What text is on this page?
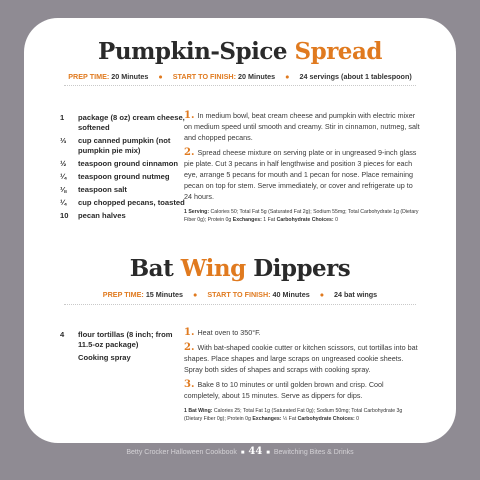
Pumpkin-Spice Spread
PREP TIME: 20 Minutes ● START TO FINISH: 20 Minutes ● 24 servings (about 1 tablespoon)
1	package (8 oz) cream cheese, softened
⅓	cup canned pumpkin (not pumpkin pie mix)
½	teaspoon ground cinnamon
¼	teaspoon ground nutmeg
⅛	teaspoon salt
¼	cup chopped pecans, toasted
10	pecan halves

1. In medium bowl, beat cream cheese and pumpkin with electric mixer on medium speed until smooth and creamy. Stir in cinnamon, nutmeg, salt and chopped pecans.

2. Spread cheese mixture on serving plate or in ungreased 9-inch glass pie plate. Cut 3 pecans in half lengthwise and position 3 pieces for each eye, arrange 5 pecans for mouth and 1 pecan for nose. Place remaining pecan on top for stem. Serve immediately, or cover and refrigerate up to 24 hours.

1 Serving: Calories 50; Total Fat 5g (Saturated Fat 2g); Sodium 55mg; Total Carbohydrate 1g (Dietary Fiber 0g); Protein 0g Exchanges: 1 Fat Carbohydrate Choices: 0
Bat Wing Dippers
PREP TIME: 15 Minutes ● START TO FINISH: 40 Minutes ● 24 bat wings
4	flour tortillas (8 inch; from 11.5-oz package)
Cooking spray

1. Heat oven to 350°F.

2. With bat-shaped cookie cutter or kitchen scissors, cut tortillas into bat shapes. Place shapes and large scraps on ungreased cookie sheets. Spray both sides of shapes and scraps with cooking spray.

3. Bake 8 to 10 minutes or until golden brown and crisp. Cool completely, about 15 minutes. Serve as dippers for dips.

1 Bat Wing: Calories 25; Total Fat 1g (Saturated Fat 0g); Sodium 50mg; Total Carbohydrate 3g (Dietary Fiber 0g); Protein 0g Exchanges: ½ Fat Carbohydrate Choices: 0
Betty Crocker Halloween Cookbook ■ 44 ■ Bewitching Bites & Drinks
